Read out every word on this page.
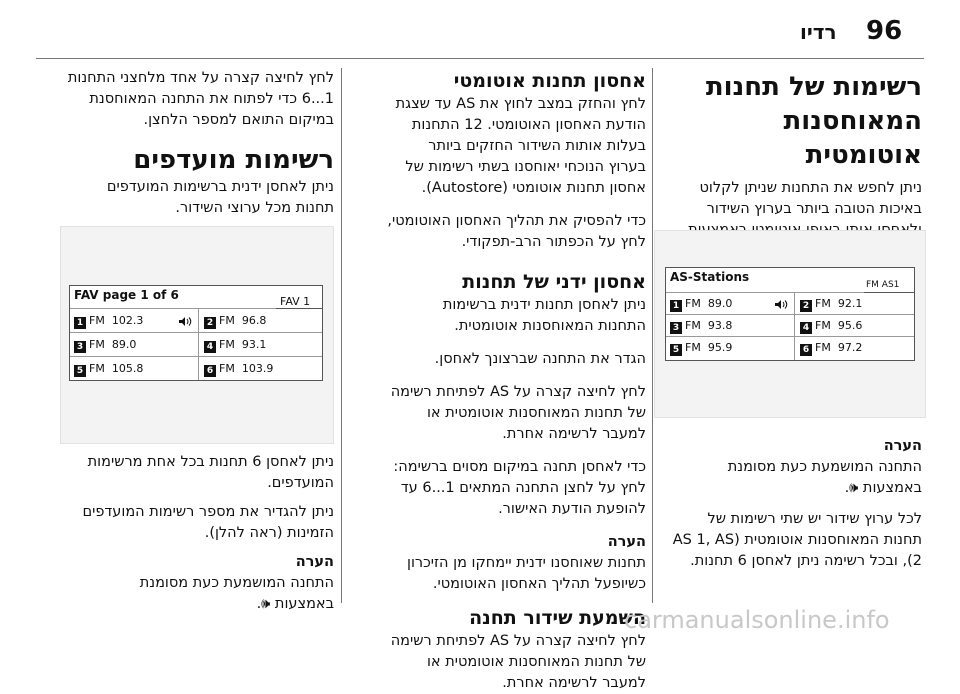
96
רדיו
רשימות של תחנות
המאוחסנות אוטומטית

ניתן לחפש את התחנות שניתן לקלוט

באיכות הטובה ביותר בערוץ השידור

AS-Stations
FM AS1
1 FM 89.0	2 FM 92.1
3 FM 93.8	4 FM 95.6
5 FM 95.9	6 FM 97.2
הערה

התחנה המושמעת כעת מסומנת

באמצעות 🕪.

לכל ערוץ שידור יש שתי רשימות של

תחנות המאוחסנות אוטומטית (AS 1, AS

2), ובכל רשימה ניתן לאחסן 6 תחנות.

אחסון תחנות אוטומטי

לחץ והחזק במצב לחוץ את AS עד שצגת

הודעת האחסון האוטומטי. 12 התחנות

בעלות אותות השידור החזקים ביותר

בערוץ הנוכחי יאוחסנו בשתי רשימות של

אחסון תחנות אוטומטי (Autostore).

כדי להפסיק את תהליך האחסון האוטומטי,

לחץ על הכפתור הרב-תפקודי.

אחסון ידני של תחנות

ניתן לאחסן תחנות ידנית ברשימות

התחנות המאוחסנות אוטומטית.

הגדר את התחנה שברצונך לאחסן.

לחץ לחיצה קצרה על AS לפתיחת רשימה

של תחנות המאוחסנות אוטומטית או

למעבר לרשימה אחרת.

כדי לאחסן תחנה במיקום מסוים ברשימה:

לחץ על לחצן התחנה המתאים 1...6 עד

להופעת הודעת האישור.

הערה

תחנות שאוחסנו ידנית יימחקו מן הזיכרון

כשיופעל תהליך האחסון האוטומטי.

השמעת שידור תחנה

לחץ לחיצה קצרה על AS לפתיחת רשימה

של תחנות המאוחסנות אוטומטית או

למעבר לרשימה אחרת.

לחץ לחיצה קצרה על אחד מלחצני התחנות

1...6 כדי לפתוח את התחנה המאוחסנת

במיקום התואם למספר הלחצן.

רשימות מועדפים

ניתן לאחסן ידנית ברשימות המועדפים

תחנות מכל ערוצי השידור.

FAV page 1 of 6	FAV 1
1 FM 102.3	2 FM 96.8
3 FM 89.0	4 FM 93.1
5 FM 105.8	6 FM 103.9

ניתן לאחסן 6 תחנות בכל אחת מרשימות

המועדפים.

ניתן להגדיר את מספר רשימות המועדפים

הזמינות (ראה להלן).

הערה

התחנה המושמעת כעת מסומנת

באמצעות 🕪.

carmanualsonline.info
